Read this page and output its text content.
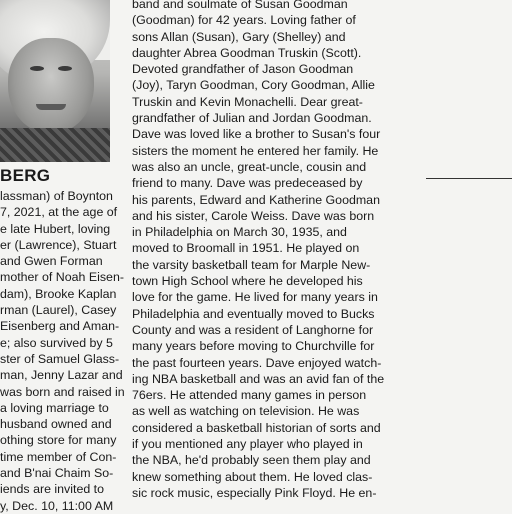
BERG
lassman) of Boynton
7, 2021, at the age of
e late Hubert, loving
er (Lawrence), Stuart
and Gwen Forman
mother of Noah Eisen-
dam), Brooke Kaplan
rman (Laurel), Casey
Eisenberg and Aman-
e; also survived by 5
ster of Samuel Glass-
man, Jenny Lazar and
was born and raised in
a loving marriage to
husband owned and
othing store for many
time member of Con-
and B'nai Chaim So-
iends are invited to
y, Dec. 10, 11:00 AM
band and soulmate of Susan Goodman
(Goodman) for 42 years. Loving father of
sons Allan (Susan), Gary (Shelley) and
daughter Abrea Goodman Truskin (Scott).
Devoted grandfather of Jason Goodman
(Joy), Taryn Goodman, Cory Goodman, Allie
Truskin and Kevin Monachelli. Dear great-
grandfather of Julian and Jordan Goodman.
Dave was loved like a brother to Susan's four
sisters the moment he entered her family. He
was also an uncle, great-uncle, cousin and
friend to many. Dave was predeceased by
his parents, Edward and Katherine Goodman
and his sister, Carole Weiss. Dave was born
in Philadelphia on March 30, 1935, and
moved to Broomall in 1951. He played on
the varsity basketball team for Marple New-
town High School where he developed his
love for the game. He lived for many years in
Philadelphia and eventually moved to Bucks
County and was a resident of Langhorne for
many years before moving to Churchville for
the past fourteen years. Dave enjoyed watch-
ing NBA basketball and was an avid fan of the
76ers. He attended many games in person
as well as watching on television. He was
considered a basketball historian of sorts and
if you mentioned any player who played in
the NBA, he'd probably seen them play and
knew something about them. He loved clas-
sic rock music, especially Pink Floyd. He en-
